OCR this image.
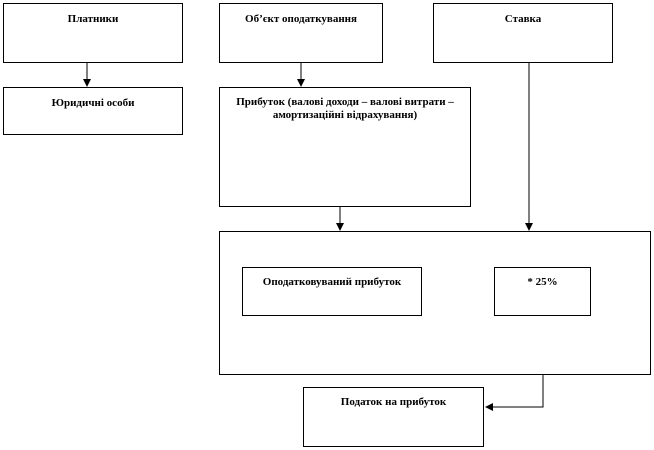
Платники	Об’єкт оподаткування	Ставка
Юридичні особи	Прибуток (валові доходи – валові витрати – амортизаційні відрахування)
Оподатковуваний прибуток	* 25%
Податок на прибуток
